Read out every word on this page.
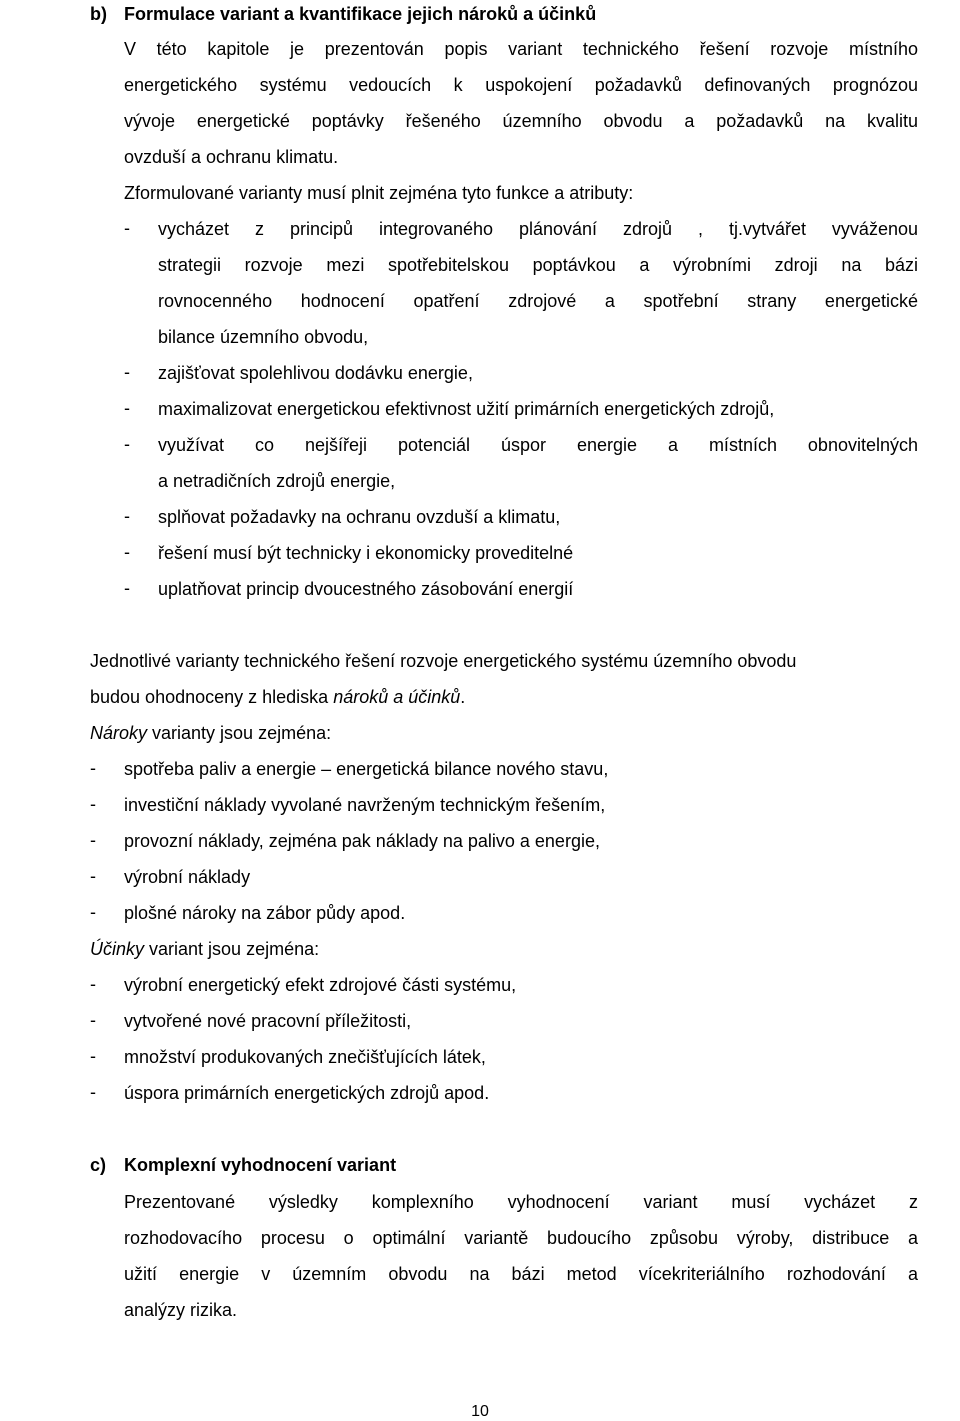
b) Formulace variant a kvantifikace jejich nároků a účinků
V této kapitole je prezentován popis variant technického řešení rozvoje místního
energetického systému vedoucích k uspokojení požadavků definovaných prognózou
vývoje energetické poptávky řešeného územního obvodu a požadavků na kvalitu
ovzduší a ochranu klimatu.
Zformulované varianty musí plnit zejména tyto funkce a atributy:
- vycházet z principů integrovaného plánování zdrojů , tj.vytvářet vyváženou
strategii rozvoje mezi spotřebitelskou poptávkou a výrobními zdroji na bázi
rovnocenného hodnocení opatření zdrojové a spotřební strany energetické
bilance územního obvodu,
- zajišťovat spolehlivou dodávku energie,
- maximalizovat energetickou efektivnost užití primárních energetických zdrojů,
- využívat co nejšířeji potenciál úspor energie a místních obnovitelných
a netradičních zdrojů energie,
- splňovat požadavky na ochranu ovzduší a klimatu,
- řešení musí být technicky i ekonomicky proveditelné
- uplatňovat princip dvoucestného zásobování energií
Jednotlivé varianty technického řešení rozvoje energetického systému územního obvodu
budou ohodnoceny z hlediska nároků a účinků.
Nároky varianty jsou zejména:
- spotřeba paliv a energie – energetická bilance nového stavu,
- investiční náklady vyvolané navrženým technickým řešením,
- provozní náklady, zejména pak náklady na palivo a energie,
- výrobní náklady
- plošné nároky na zábor půdy apod.
Účinky variant jsou zejména:
- výrobní energetický efekt zdrojové části systému,
- vytvořené nové pracovní příležitosti,
- množství produkovaných znečišťujících látek,
- úspora primárních energetických zdrojů apod.
c) Komplexní vyhodnocení variant
Prezentované výsledky komplexního vyhodnocení variant musí vycházet z
rozhodovacího procesu o optimální variantě budoucího způsobu výroby, distribuce a
užití energie v územním obvodu na bázi metod vícekriteriálního rozhodování a
analýzy rizika.
10
